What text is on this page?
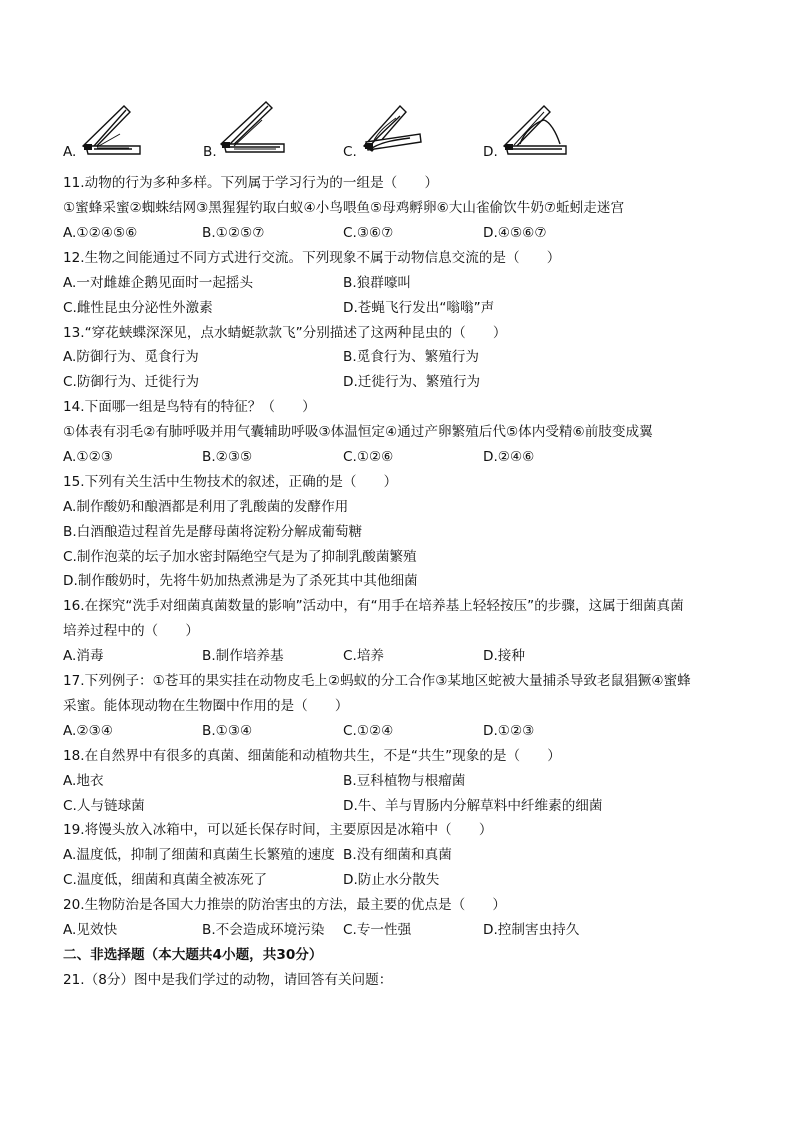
A.	B.	C.	D.
11.动物的行为多种多样。下列属于学习行为的一组是（　　）
①蜜蜂采蜜②蜘蛛结网③黑猩猩钓取白蚁④小鸟喂鱼⑤母鸡孵卵⑥大山雀偷饮牛奶⑦蚯蚓走迷宫
A.①②④⑤⑥	B.①②⑤⑦	C.③⑥⑦	D.④⑤⑥⑦
12.生物之间能通过不同方式进行交流。下列现象不属于动物信息交流的是（　　）
A.一对雌雄企鹅见面时一起摇头	B.狼群嚎叫
C.雌性昆虫分泌性外激素	D.苍蝇飞行发出“嗡嗡”声
13.“穿花蛱蝶深深见，点水蜻蜓款款飞”分别描述了这两种昆虫的（　　）
A.防御行为、觅食行为	B.觅食行为、繁殖行为
C.防御行为、迁徙行为	D.迁徙行为、繁殖行为
14.下面哪一组是鸟特有的特征？（　　）
①体表有羽毛②有肺呼吸并用气囊辅助呼吸③体温恒定④通过产卵繁殖后代⑤体内受精⑥前肢变成翼
A.①②③	B.②③⑤	C.①②⑥	D.②④⑥
15.下列有关生活中生物技术的叙述，正确的是（　　）
A.制作酸奶和酿酒都是利用了乳酸菌的发酵作用
B.白酒酿造过程首先是酵母菌将淀粉分解成葡萄糖
C.制作泡菜的坛子加水密封隔绝空气是为了抑制乳酸菌繁殖
D.制作酸奶时，先将牛奶加热煮沸是为了杀死其中其他细菌
16.在探究“洗手对细菌真菌数量的影响”活动中，有“用手在培养基上轻轻按压”的步骤，这属于细菌真菌
培养过程中的（　　）
A.消毒	B.制作培养基	C.培养	D.接种
17.下列例子：①苍耳的果实挂在动物皮毛上②蚂蚁的分工合作③某地区蛇被大量捕杀导致老鼠猖獗④蜜蜂
采蜜。能体现动物在生物圈中作用的是（　　）
A.②③④	B.①③④	C.①②④	D.①②③
18.在自然界中有很多的真菌、细菌能和动植物共生，不是“共生”现象的是（　　）
A.地衣	B.豆科植物与根瘤菌
C.人与链球菌	D.牛、羊与胃肠内分解草料中纤维素的细菌
19.将馒头放入冰箱中，可以延长保存时间，主要原因是冰箱中（　　）
A.温度低，抑制了细菌和真菌生长繁殖的速度 B.没有细菌和真菌
C.温度低，细菌和真菌全被冻死了	D.防止水分散失
20.生物防治是各国大力推崇的防治害虫的方法，最主要的优点是（　　）
A.见效快	B.不会造成环境污染 C.专一性强	D.控制害虫持久
二、非选择题（本大题共4小题，共30分）
21.（8分）图中是我们学过的动物，请回答有关问题：
